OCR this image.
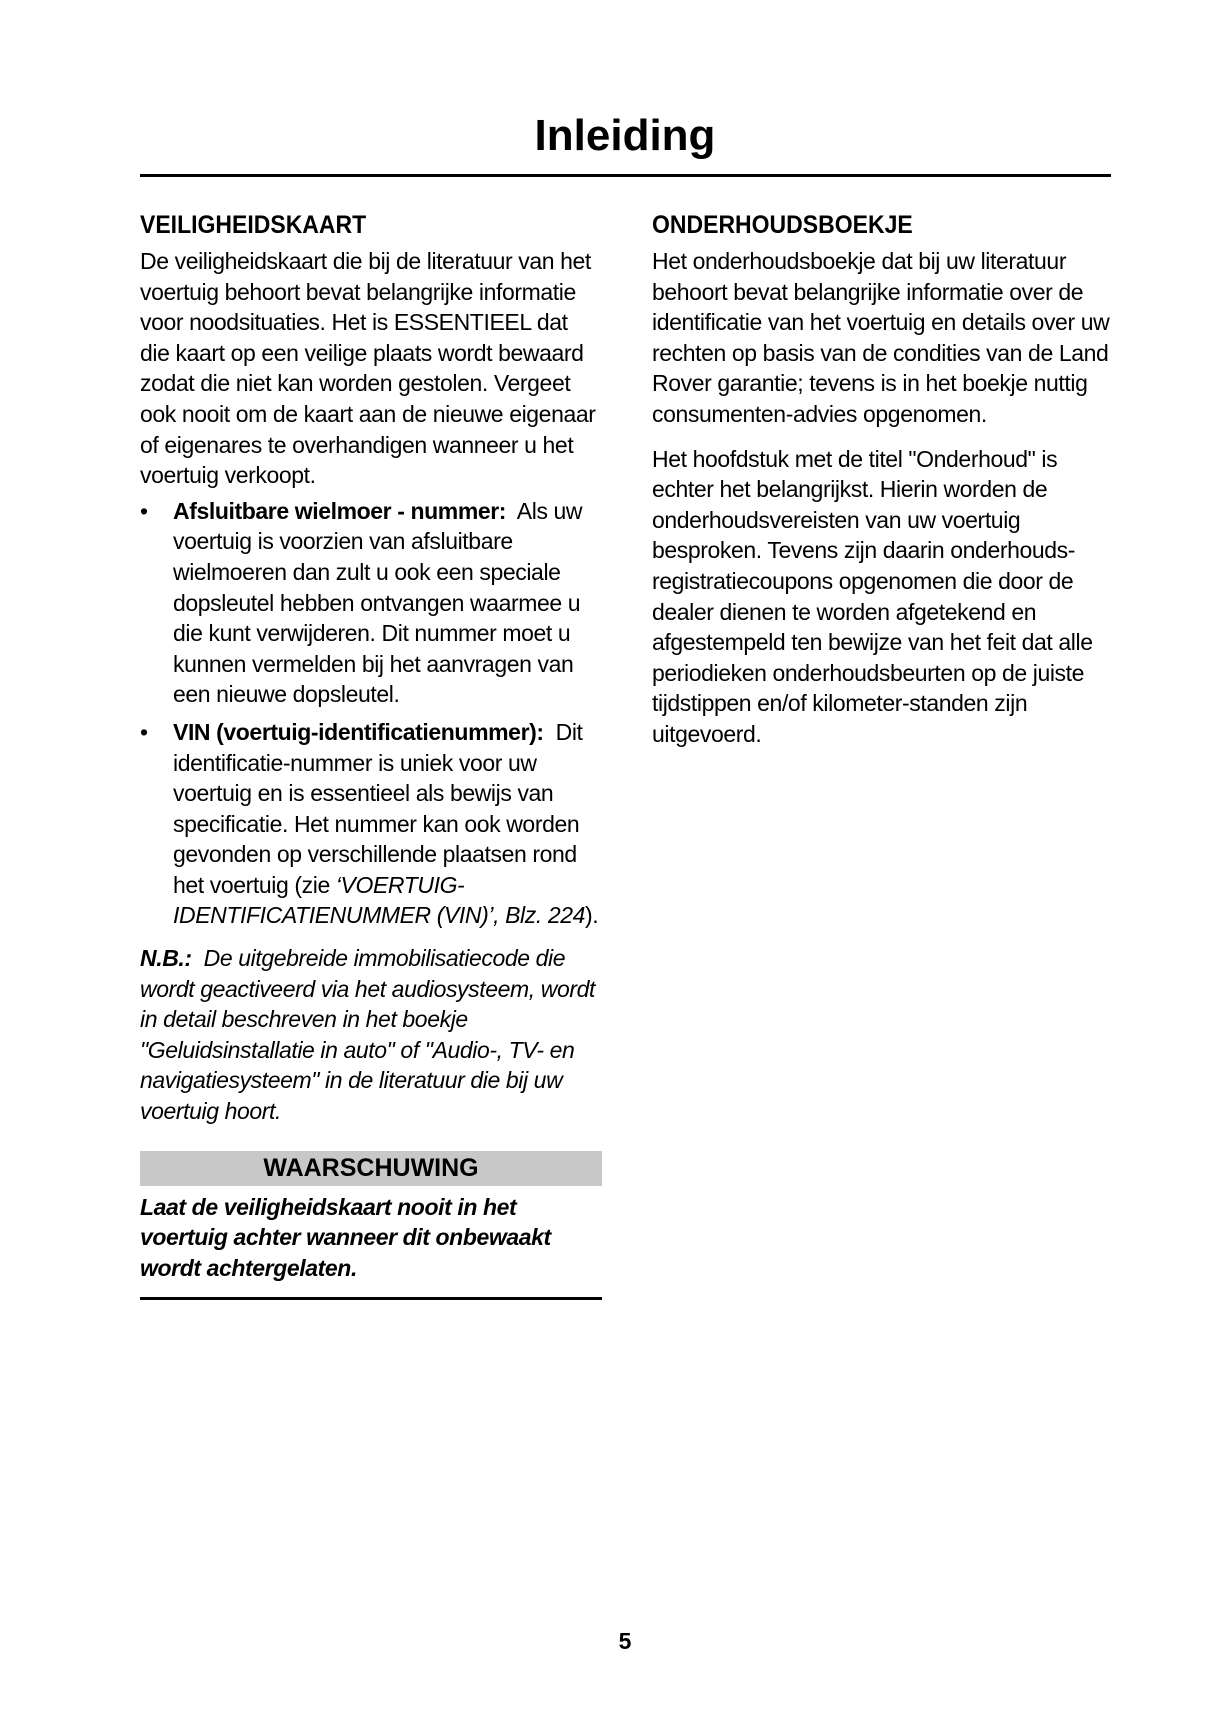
Inleiding
VEILIGHEIDSKAART

De veiligheidskaart die bij de literatuur van het voertuig behoort bevat belangrijke informatie voor noodsituaties. Het is ESSENTIEEL dat die kaart op een veilige plaats wordt bewaard zodat die niet kan worden gestolen. Vergeet ook nooit om de kaart aan de nieuwe eigenaar of eigenares te overhandigen wanneer u het voertuig verkoopt.

• Afsluitbare wielmoer - nummer: Als uw voertuig is voorzien van afsluitbare wielmoeren dan zult u ook een speciale dopsleutel hebben ontvangen waarmee u die kunt verwijderen. Dit nummer moet u kunnen vermelden bij het aanvragen van een nieuwe dopsleutel.
• VIN (voertuig-identificatienummer): Dit identificatie-nummer is uniek voor uw voertuig en is essentieel als bewijs van specificatie. Het nummer kan ook worden gevonden op verschillende plaatsen rond het voertuig (zie ‘VOERTUIG-IDENTIFICATIENUMMER (VIN)’, Blz. 224).

N.B.: De uitgebreide immobilisatiecode die wordt geactiveerd via het audiosysteem, wordt in detail beschreven in het boekje "Geluidsinstallatie in auto" of "Audio-, TV- en navigatiesysteem" in de literatuur die bij uw voertuig hoort.

WAARSCHUWING

Laat de veiligheidskaart nooit in het voertuig achter wanneer dit onbewaakt wordt achtergelaten.

ONDERHOUDSBOEKJE

Het onderhoudsboekje dat bij uw literatuur behoort bevat belangrijke informatie over de identificatie van het voertuig en details over uw rechten op basis van de condities van de Land Rover garantie; tevens is in het boekje nuttig consumenten-advies opgenomen.

Het hoofdstuk met de titel "Onderhoud" is echter het belangrijkst. Hierin worden de onderhoudsvereisten van uw voertuig besproken. Tevens zijn daarin onderhouds-registratiecoupons opgenomen die door de dealer dienen te worden afgetekend en afgestempeld ten bewijze van het feit dat alle periodieken onderhoudsbeurten op de juiste tijdstippen en/of kilometer-standen zijn uitgevoerd.

5
